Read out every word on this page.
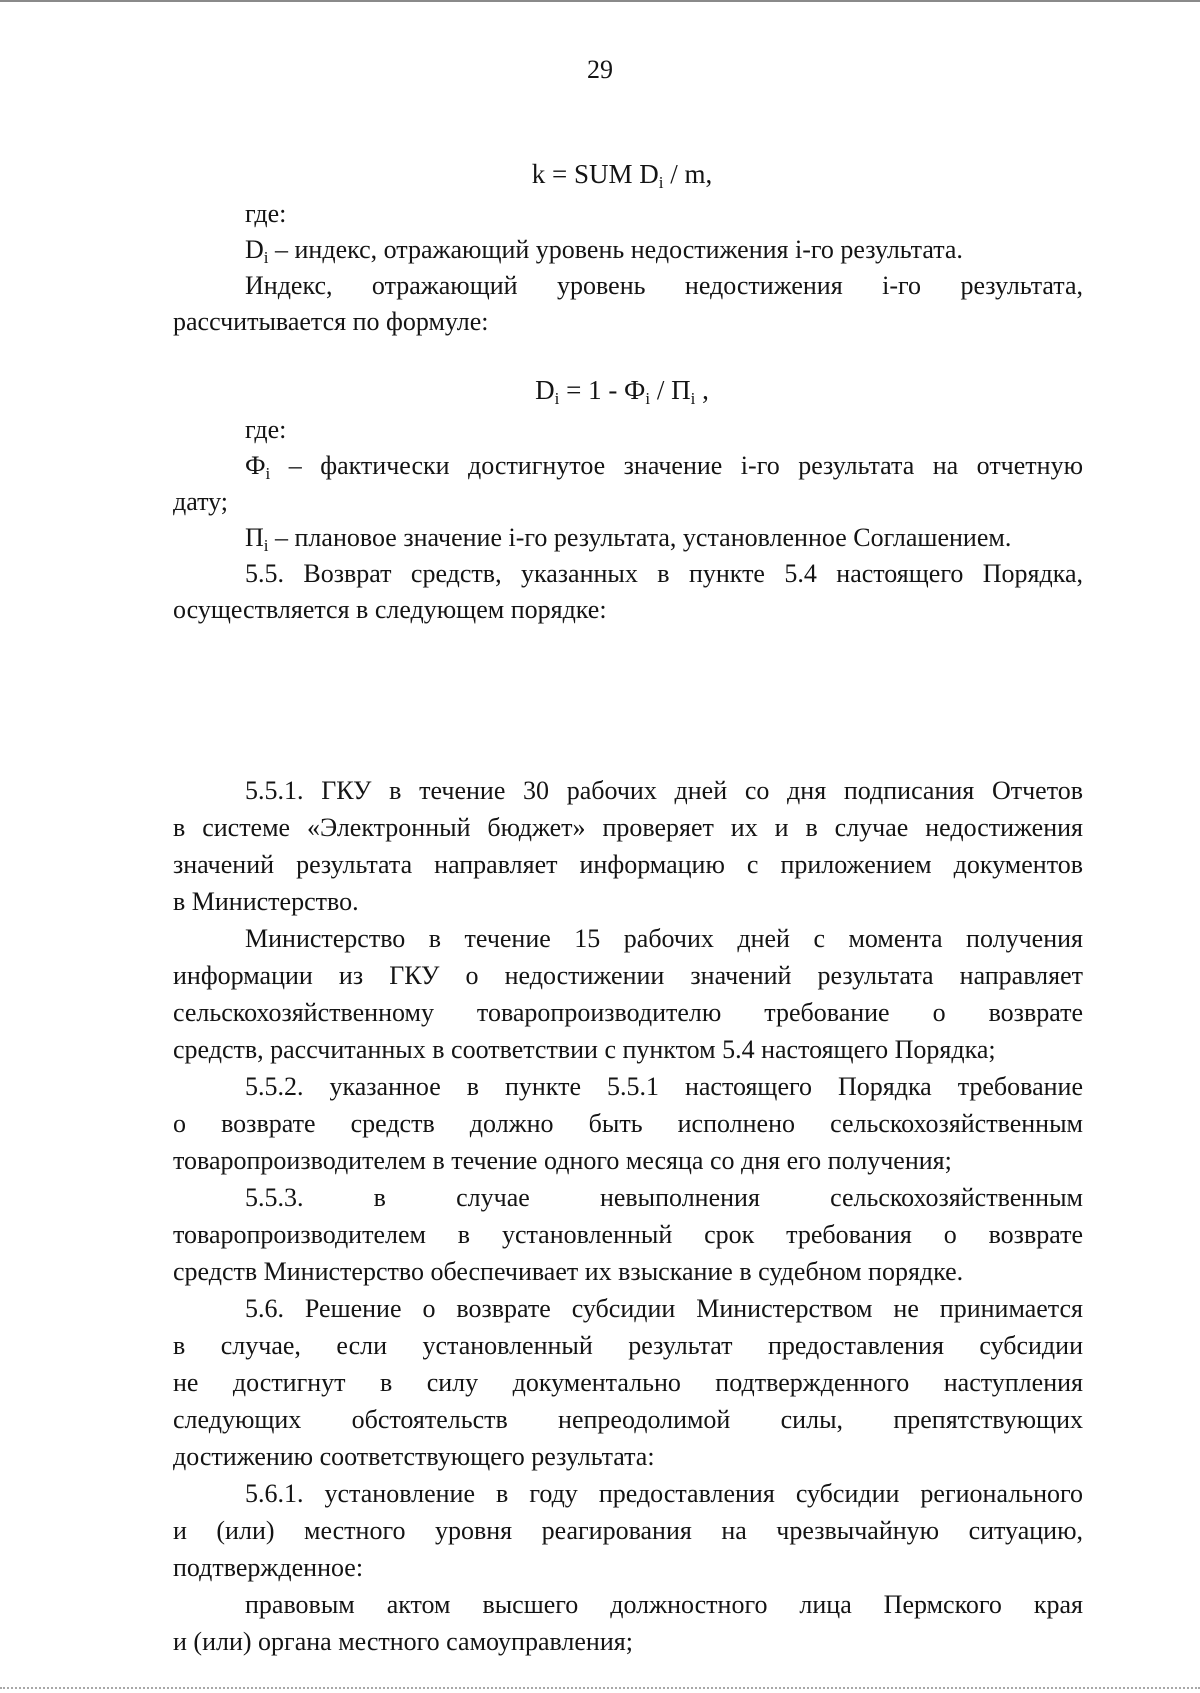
29
k = SUM $D_i$ / m,

где:

Di – индекс, отражающий уровень недостижения i-го результата.

Индекс, отражающий уровень недостижения i-го результата,

рассчитывается по формуле:

$D_i = 1 - Ф_i / П_i$ ,

где:

Фi – фактически достигнутое значение i-го результата на отчетную

дату;

Пi – плановое значение i-го результата, установленное Соглашением.

5.5. Возврат средств, указанных в пункте 5.4 настоящего Порядка,

осуществляется в следующем порядке:

5.5.1. ГКУ в течение 30 рабочих дней со дня подписания Отчетов

в системе «Электронный бюджет» проверяет их и в случае недостижения

значений результата направляет информацию с приложением документов

в Министерство.

Министерство в течение 15 рабочих дней с момента получения

информации из ГКУ о недостижении значений результата направляет

сельскохозяйственному товаропроизводителю требование о возврате

средств, рассчитанных в соответствии с пунктом 5.4 настоящего Порядка;

5.5.2. указанное в пункте 5.5.1 настоящего Порядка требование

о возврате средств должно быть исполнено сельскохозяйственным

товаропроизводителем в течение одного месяца со дня его получения;

5.5.3. в случае невыполнения сельскохозяйственным

товаропроизводителем в установленный срок требования о возврате

средств Министерство обеспечивает их взыскание в судебном порядке.

5.6. Решение о возврате субсидии Министерством не принимается

в случае, если установленный результат предоставления субсидии

не достигнут в силу документально подтвержденного наступления

следующих обстоятельств непреодолимой силы, препятствующих

достижению соответствующего результата:

5.6.1. установление в году предоставления субсидии регионального

и (или) местного уровня реагирования на чрезвычайную ситуацию,

подтвержденное:

правовым актом высшего должностного лица Пермского края

и (или) органа местного самоуправления;
